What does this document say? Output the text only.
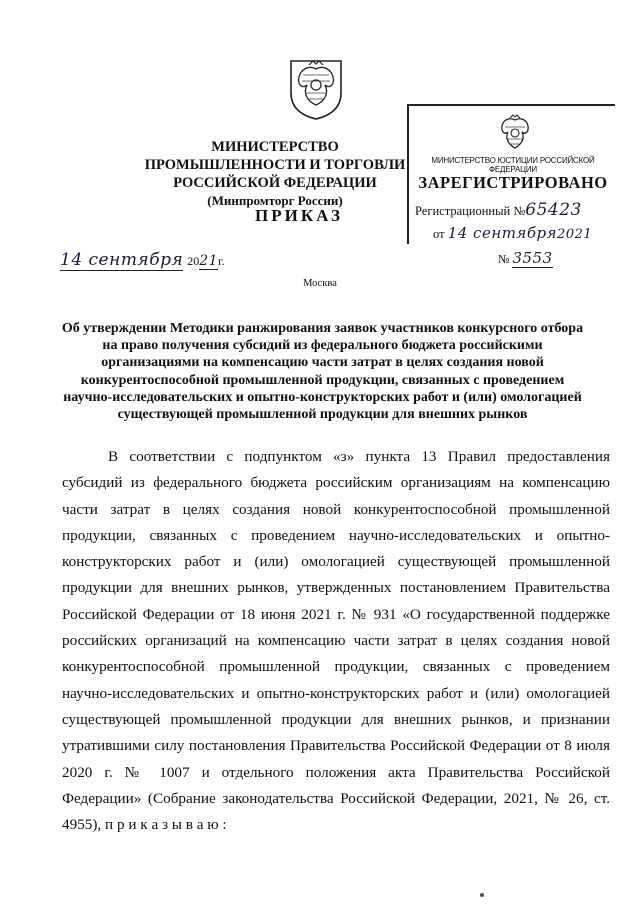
МИНИСТЕРСТВО ПРОМЫШЛЕННОСТИ И ТОРГОВЛИ
РОССИЙСКОЙ ФЕДЕРАЦИИ
(Минпромторг России)
ПРИКАЗ
МИНИСТЕРСТВО ЮСТИЦИИ РОССИЙСКОЙ ФЕДЕРАЦИИ
ЗАРЕГИСТРИРОВАНО
Регистрационный №65423
от 14 сентября2021
14 сентября 2021г.	№ 3553
Москва
Об утверждении Методики ранжирования заявок участников конкурсного отбора на право получения субсидий из федерального бюджета российскими организациями на компенсацию части затрат в целях создания новой конкурентоспособной промышленной продукции, связанных с проведением научно-исследовательских и опытно-конструкторских работ и (или) омологацией существующей промышленной продукции для внешних рынков
В соответствии с подпунктом «з» пункта 13 Правил предоставления субсидий из федерального бюджета российским организациям на компенсацию части затрат в целях создания новой конкурентоспособной промышленной продукции, связанных с проведением научно-исследовательских и опытно-конструкторских работ и (или) омологацией существующей промышленной продукции для внешних рынков, утвержденных постановлением Правительства Российской Федерации от 18 июня 2021 г. № 931 «О государственной поддержке российских организаций на компенсацию части затрат в целях создания новой конкурентоспособной промышленной продукции, связанных с проведением научно-исследовательских и опытно-конструкторских работ и (или) омологацией существующей промышленной продукции для внешних рынков, и признании утратившими силу постановления Правительства Российской Федерации от 8 июля 2020 г. № 1007 и отдельного положения акта Правительства Российской Федерации» (Собрание законодательства Российской Федерации, 2021, № 26, ст. 4955), п р и к а з ы в а ю :
